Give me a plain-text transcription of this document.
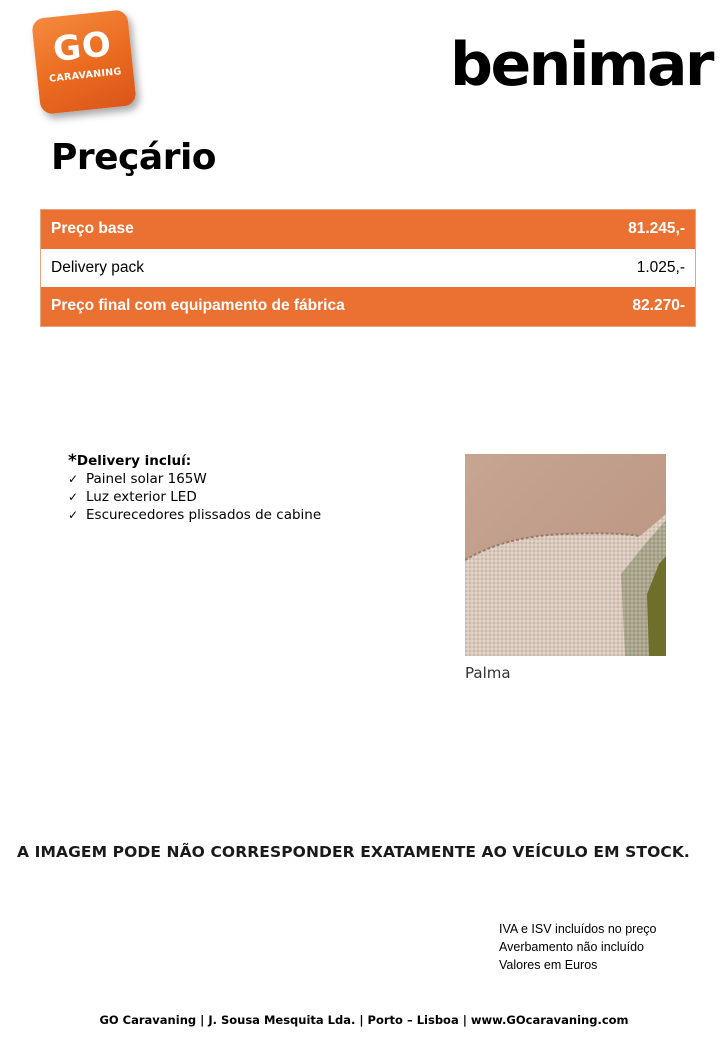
GO
CARAVANING	benimar
Preçário
Preço base	81.245,-
Delivery pack	1.025,-
Preço final com equipamento de fábrica	82.270-
*Delivery incluí:
✓ Painel solar 165W
✓ Luz exterior LED
✓ Escurecedores plissados de cabine
Palma
A IMAGEM PODE NÃO CORRESPONDER EXATAMENTE AO VEÍCULO EM STOCK.
IVA e ISV incluídos no preço
Averbamento não incluído
Valores em Euros
GO Caravaning | J. Sousa Mesquita Lda. | Porto – Lisboa | www.GOcaravaning.com
